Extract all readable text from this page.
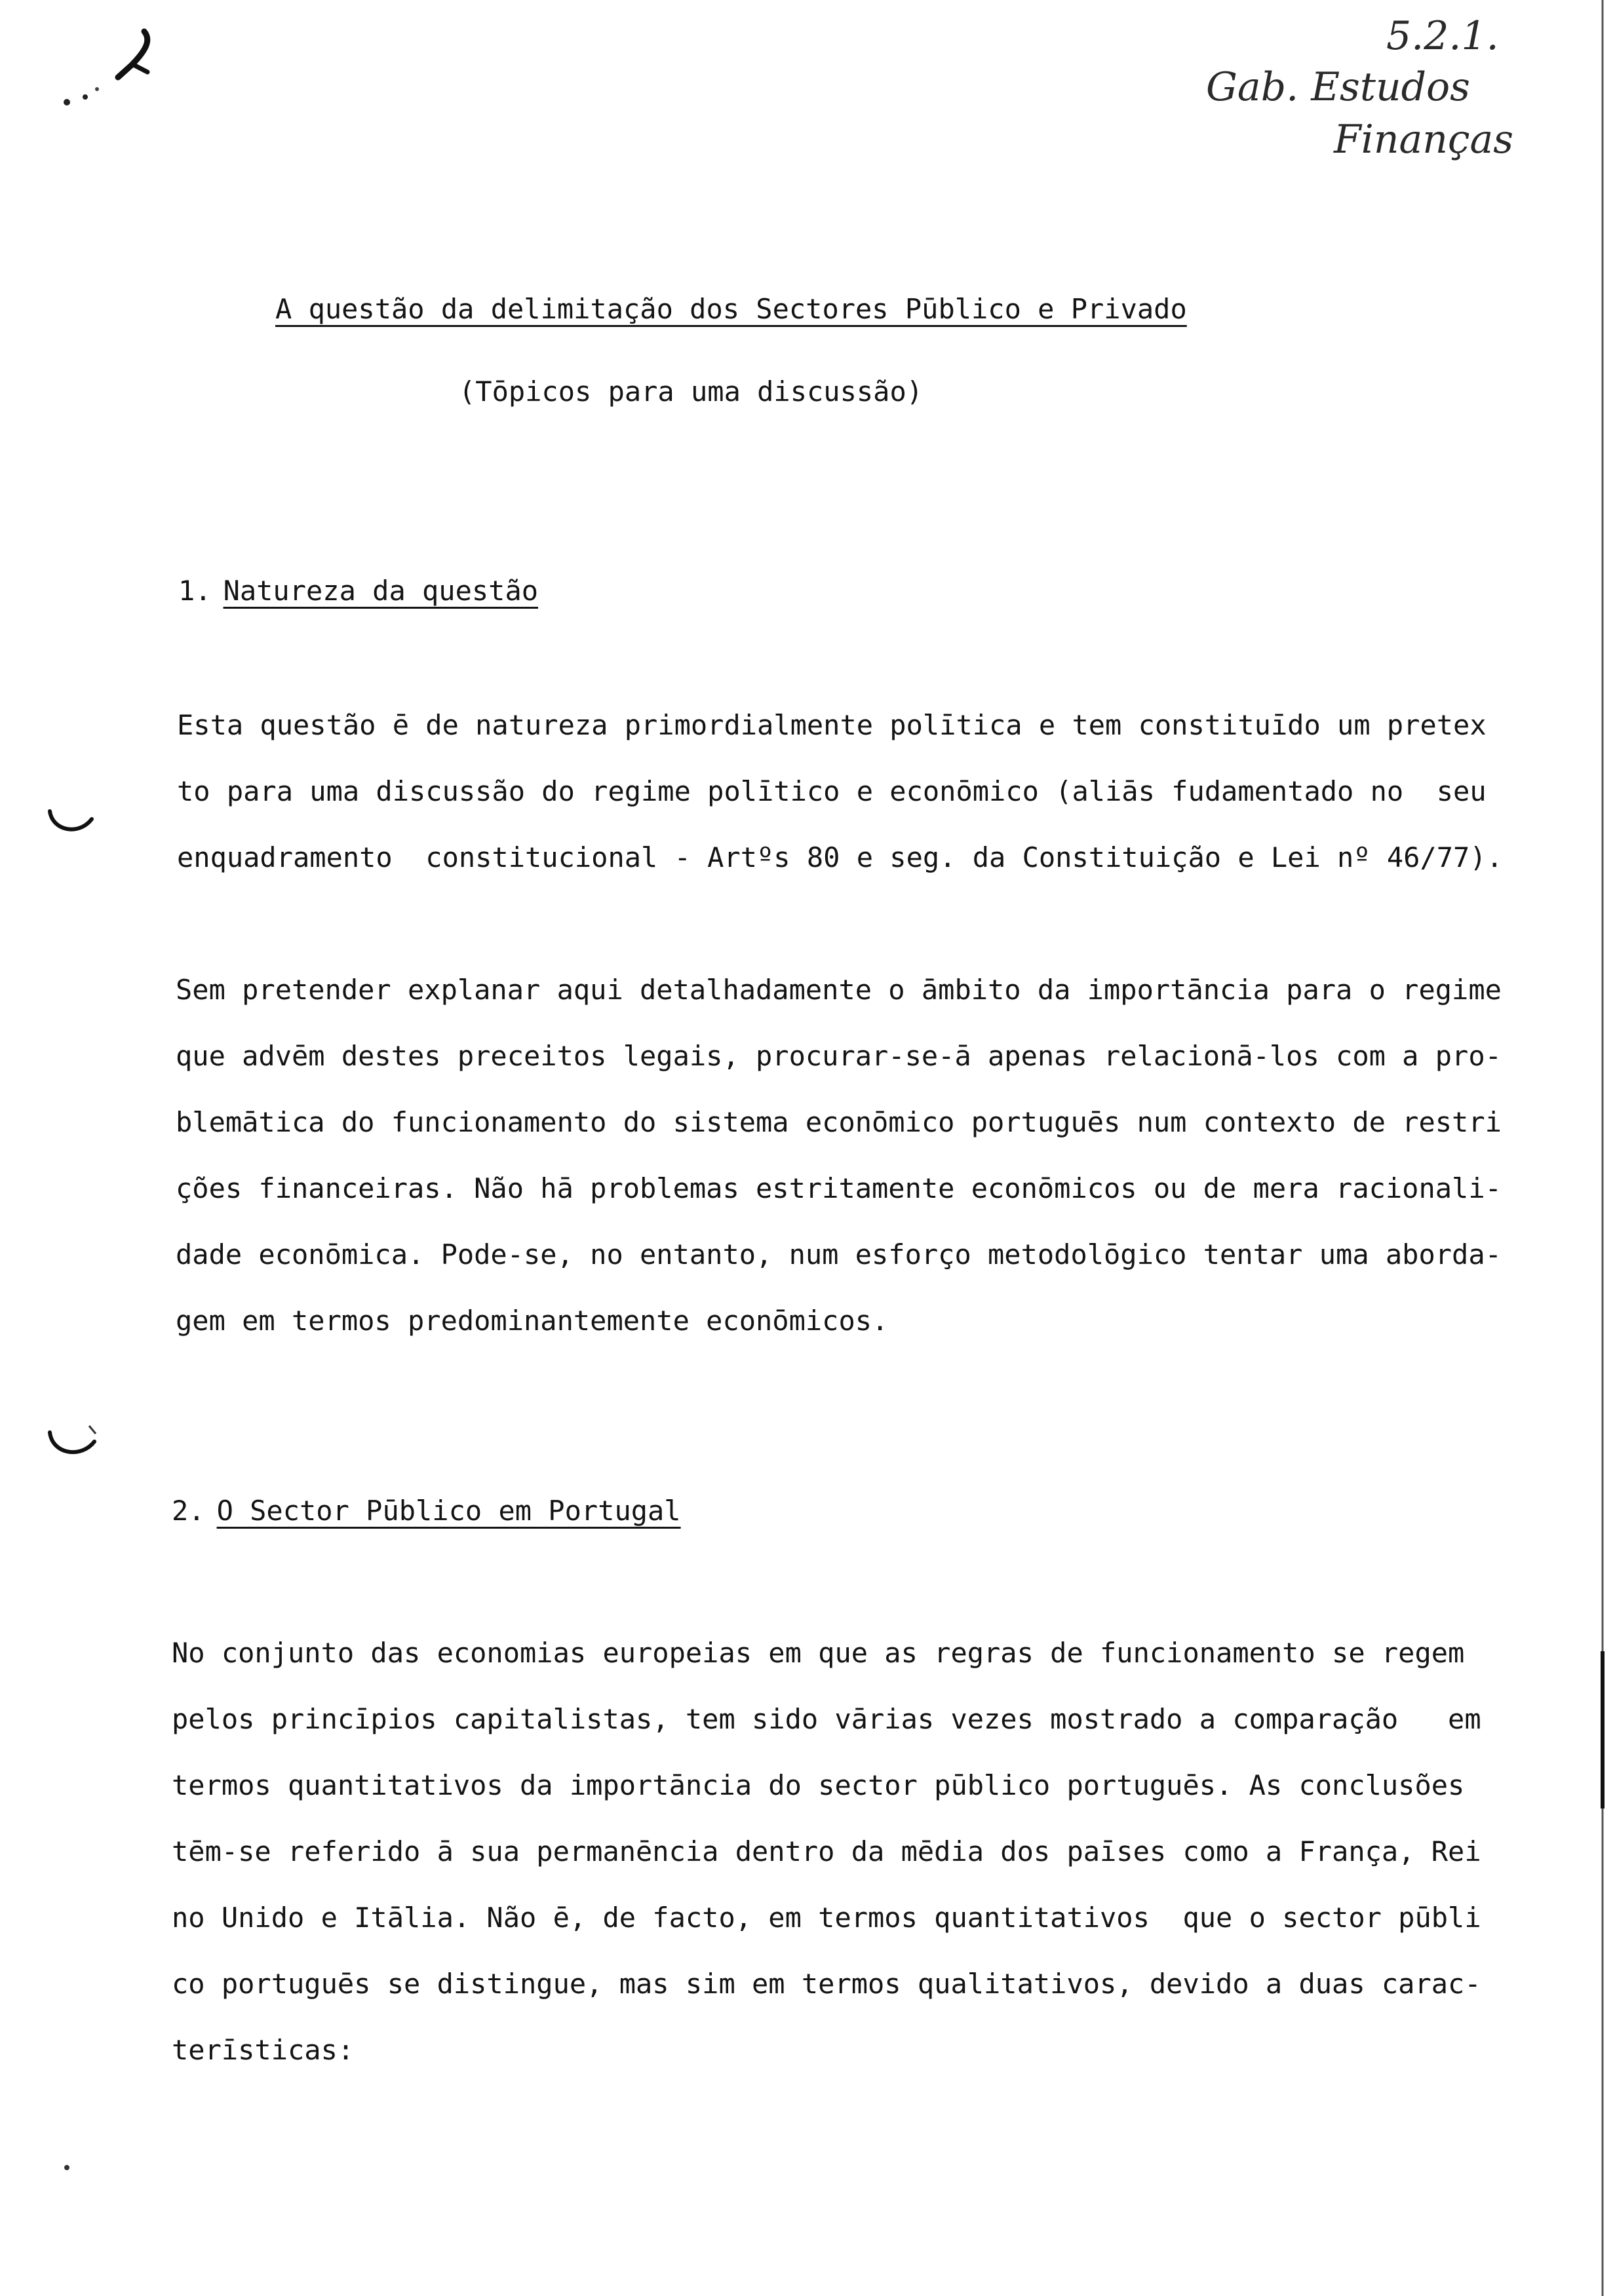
5.2.1.
Gab. Estudos
Finanças
A questão da delimitação dos Sectores Pūblico e Privado
(Tōpicos para uma discussão)
1. Natureza da questão
Esta questão ē de natureza primordialmente polītica e tem constituīdo um pretex
to para uma discussão do regime polītico e econōmico (aliās fudamentado no  seu
enquadramento  constitucional - Artºs 80 e seg. da Constituição e Lei nº 46/77).
Sem pretender explanar aqui detalhadamente o āmbito da importāncia para o regime
que advēm destes preceitos legais, procurar-se-ā apenas relacionā-los com a pro-
blemātica do funcionamento do sistema econōmico portuguēs num contexto de restri
ções financeiras. Não hā problemas estritamente econōmicos ou de mera racionali-
dade econōmica. Pode-se, no entanto, num esforço metodolōgico tentar uma aborda-
gem em termos predominantemente econōmicos.
2. O Sector Pūblico em Portugal
No conjunto das economias europeias em que as regras de funcionamento se regem
pelos princīpios capitalistas, tem sido vārias vezes mostrado a comparação   em
termos quantitativos da importāncia do sector pūblico portuguēs. As conclusões
tēm-se referido ā sua permanēncia dentro da mēdia dos paīses como a França, Rei
no Unido e Itālia. Não ē, de facto, em termos quantitativos  que o sector pūbli
co portuguēs se distingue, mas sim em termos qualitativos, devido a duas carac-
terīsticas:
